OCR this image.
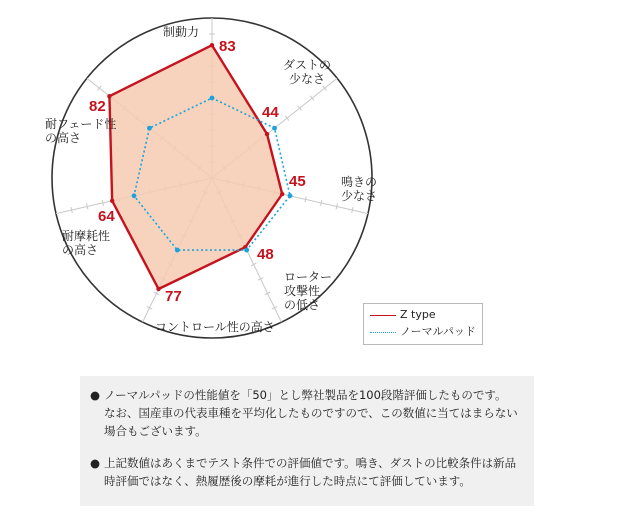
制動力
ダストの
少なさ
鳴きの
少なさ
ローター
攻撃性
の低さ
コントロール性の高さ
耐摩耗性
の高さ
耐フェード性
の高さ
83
44
45
48
77
64
82
Z type
ノーマルパッド
● ノーマルパッドの性能値を「50」とし弊社製品を100段階評価したものです。
なお、国産車の代表車種を平均化したものですので、この数値に当てはまらない
場合もございます。
● 上記数値はあくまでテスト条件での評価値です。鳴き、ダストの比較条件は新品
時評価ではなく、熱履歴後の摩耗が進行した時点にて評価しています。
